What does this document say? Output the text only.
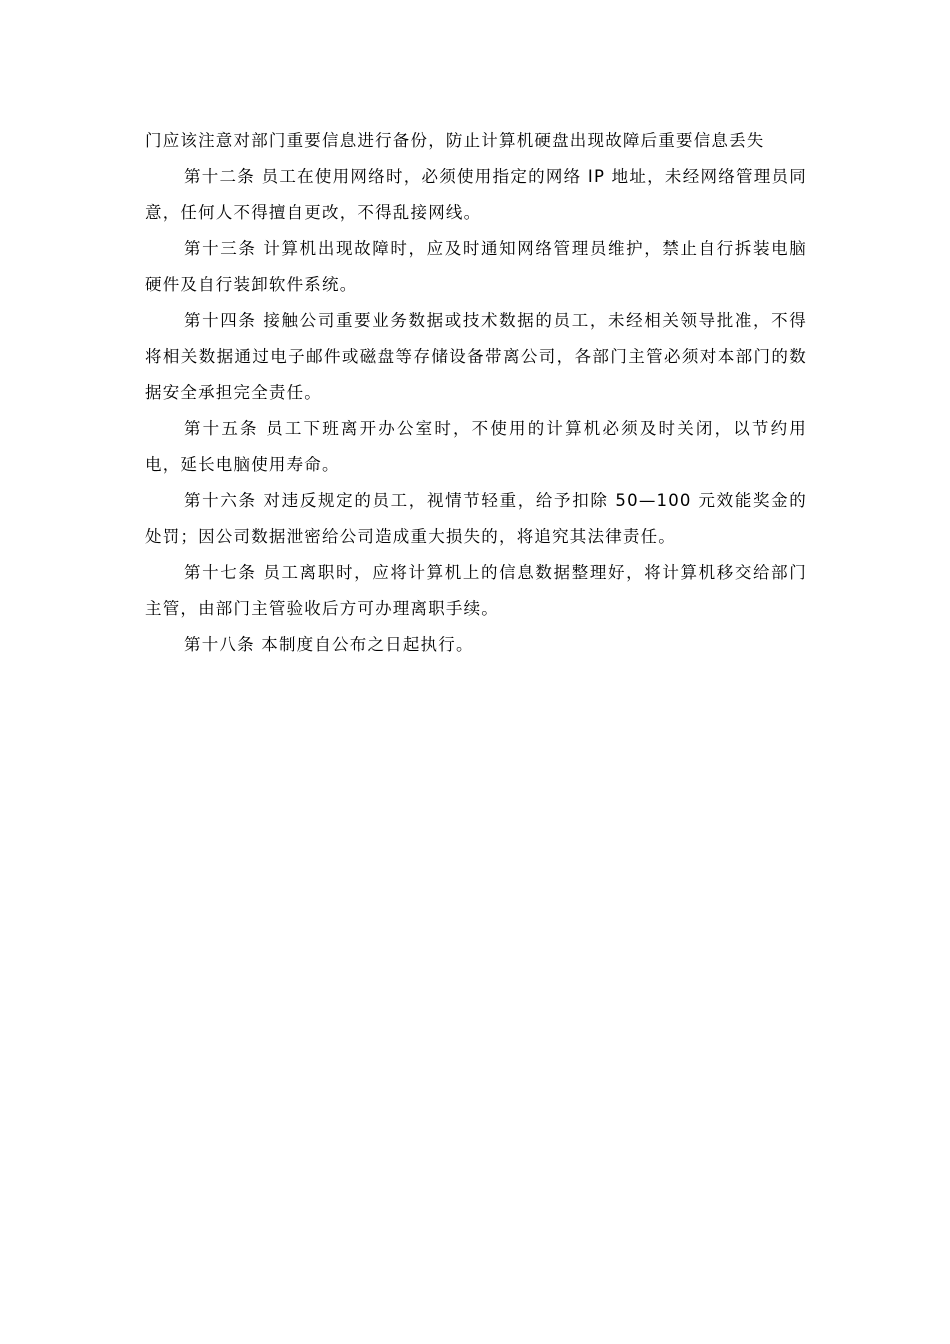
门应该注意对部门重要信息进行备份，防止计算机硬盘出现故障后重要信息丢失

第十二条 员工在使用网络时，必须使用指定的网络 IP 地址，未经网络管理员同意，任何人不得擅自更改，不得乱接网线。

第十三条 计算机出现故障时，应及时通知网络管理员维护，禁止自行拆装电脑硬件及自行装卸软件系统。

第十四条 接触公司重要业务数据或技术数据的员工，未经相关领导批准，不得将相关数据通过电子邮件或磁盘等存储设备带离公司，各部门主管必须对本部门的数据安全承担完全责任。

第十五条 员工下班离开办公室时，不使用的计算机必须及时关闭，以节约用电，延长电脑使用寿命。

第十六条 对违反规定的员工，视情节轻重，给予扣除 50—100 元效能奖金的处罚；因公司数据泄密给公司造成重大损失的，将追究其法律责任。

第十七条 员工离职时，应将计算机上的信息数据整理好，将计算机移交给部门主管，由部门主管验收后方可办理离职手续。

第十八条 本制度自公布之日起执行。
